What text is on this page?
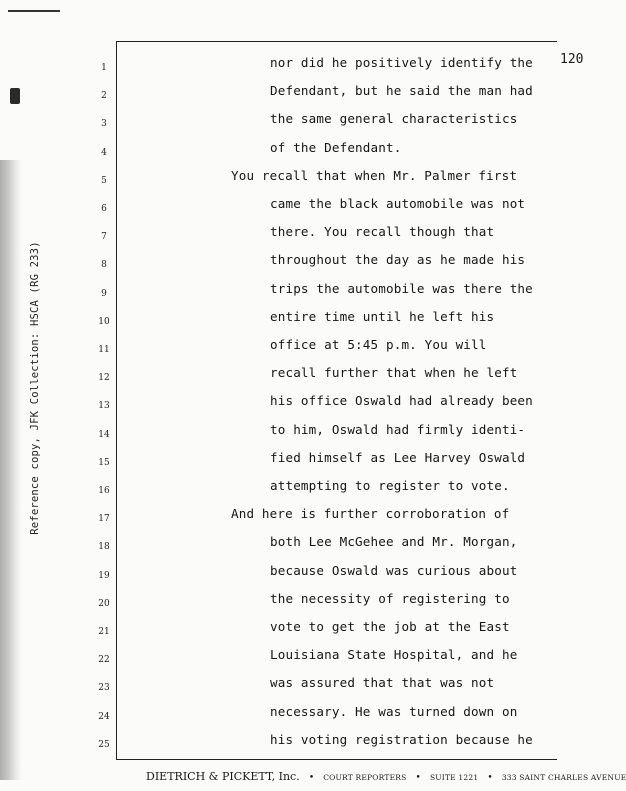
Reference copy, JFK Collection: HSCA (RG 233)
120
1	nor did he positively identify the
2	Defendant, but he said the man had
3	the same general characteristics
4	of the Defendant.
5	You recall that when Mr. Palmer first
6	came the black automobile was not
7	there. You recall though that
8	throughout the day as he made his
9	trips the automobile was there the
10	entire time until he left his
11	office at 5:45 p.m. You will
12	recall further that when he left
13	his office Oswald had already been
14	to him, Oswald had firmly identi-
15	fied himself as Lee Harvey Oswald
16	attempting to register to vote.
17	And here is further corroboration of
18	both Lee McGehee and Mr. Morgan,
19	because Oswald was curious about
20	the necessity of registering to
21	vote to get the job at the East
22	Louisiana State Hospital, and he
23	was assured that that was not
24	necessary. He was turned down on
25	his voting registration because he
DIETRICH & PICKETT, Inc. • COURT REPORTERS • SUITE 1221 • 333 SAINT CHARLES AVENUE
